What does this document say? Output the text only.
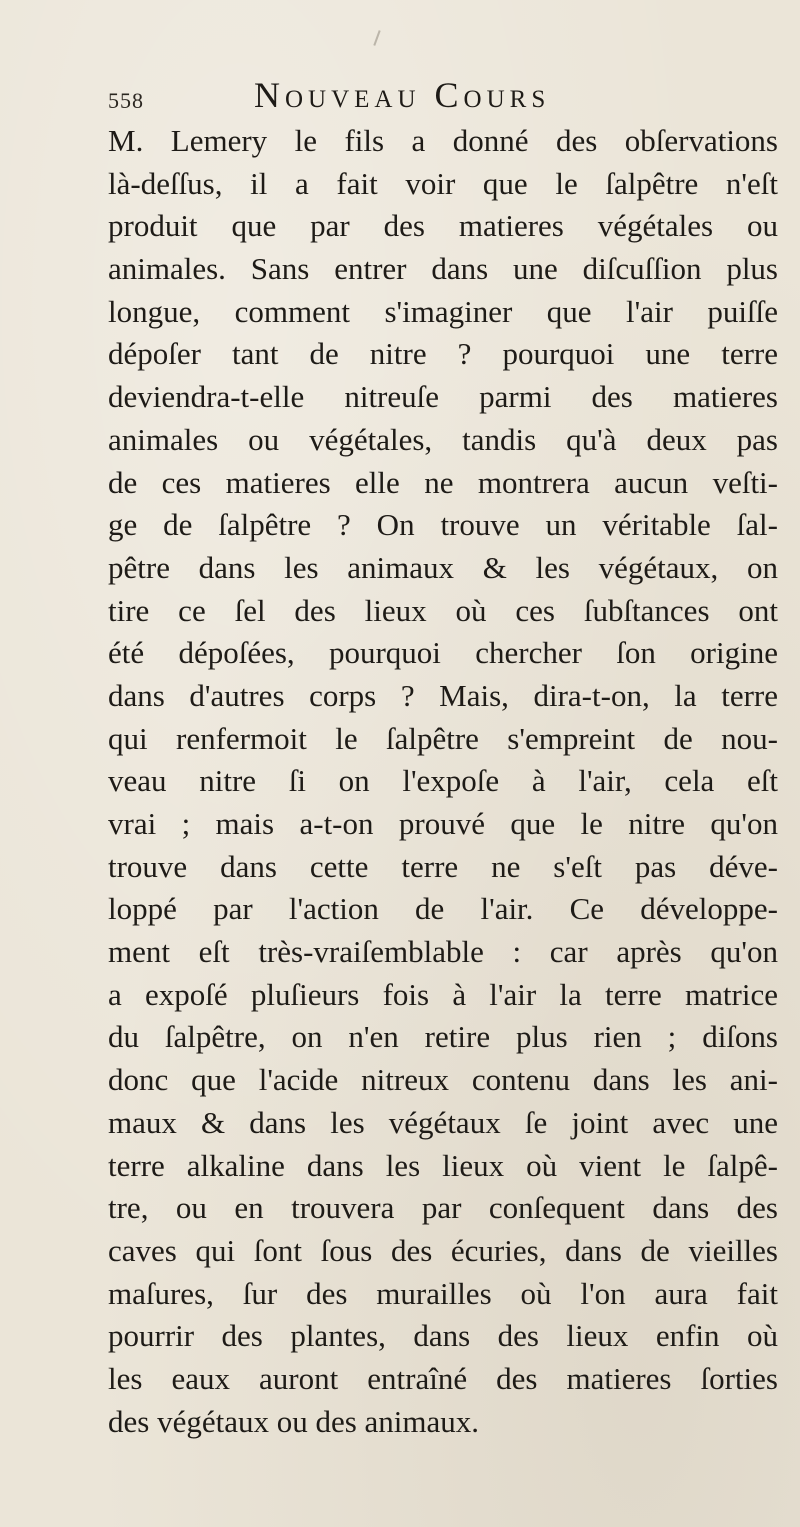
558	Nouveau Cours
M. Lemery le fils a donné des obſervations
là-deſſus, il a fait voir que le ſalpêtre n'eſt
produit que par des matieres végétales ou
animales. Sans entrer dans une diſcuſſion plus
longue, comment s'imaginer que l'air puiſſe
dépoſer tant de nitre ? pourquoi une terre
deviendra-t-elle nitreuſe parmi des matieres
animales ou végétales, tandis qu'à deux pas
de ces matieres elle ne montrera aucun veſti-
ge de ſalpêtre ? On trouve un véritable ſal-
pêtre dans les animaux & les végétaux, on
tire ce ſel des lieux où ces ſubſtances ont
été dépoſées, pourquoi chercher ſon origine
dans d'autres corps ? Mais, dira-t-on, la terre
qui renfermoit le ſalpêtre s'empreint de nou-
veau nitre ſi on l'expoſe à l'air, cela eſt
vrai ; mais a-t-on prouvé que le nitre qu'on
trouve dans cette terre ne s'eſt pas déve-
loppé par l'action de l'air. Ce développe-
ment eſt très-vraiſemblable : car après qu'on
a expoſé pluſieurs fois à l'air la terre matrice
du ſalpêtre, on n'en retire plus rien ; diſons
donc que l'acide nitreux contenu dans les ani-
maux & dans les végétaux ſe joint avec une
terre alkaline dans les lieux où vient le ſalpê-
tre, ou en trouvera par conſequent dans des
caves qui ſont ſous des écuries, dans de vieilles
maſures, ſur des murailles où l'on aura fait
pourrir des plantes, dans des lieux enfin où
les eaux auront entraîné des matieres ſorties
des végétaux ou des animaux.
